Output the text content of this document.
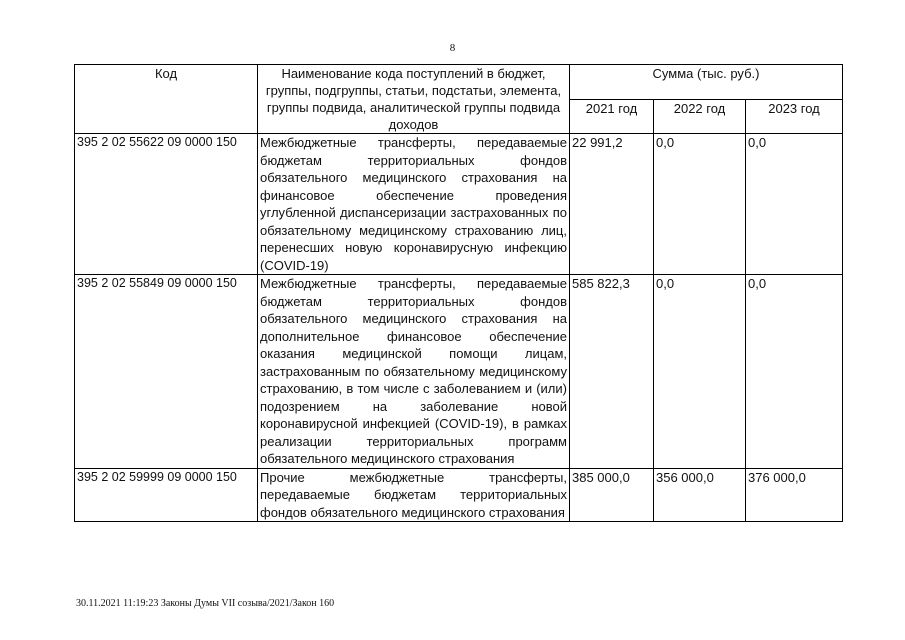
8
Код	Наименование кода поступлений в бюджет, группы, подгруппы, статьи, подстатьи, элемента, группы подвида, аналитической группы подвида доходов	Сумма (тыс. руб.)		
		2021 год	2022 год	2023 год
395 2 02 55622 09 0000 150	Межбюджетные трансферты, передаваемые бюджетам территориальных фондов обязательного медицинского страхования на финансовое обеспечение проведения углубленной диспансеризации застрахованных по обязательному медицинскому страхованию лиц, перенесших новую коронавирусную инфекцию (COVID-19)	22 991,2	0,0	0,0
395 2 02 55849 09 0000 150	Межбюджетные трансферты, передаваемые бюджетам территориальных фондов обязательного медицинского страхования на дополнительное финансовое обеспечение оказания медицинской помощи лицам, застрахованным по обязательному медицинскому страхованию, в том числе с заболеванием и (или) подозрением на заболевание новой коронавирусной инфекцией (COVID-19), в рамках реализации территориальных программ обязательного медицинского страхования	585 822,3	0,0	0,0
395 2 02 59999 09 0000 150	Прочие межбюджетные трансферты, передаваемые бюджетам территориальных фондов обязательного медицинского страхования	385 000,0	356 000,0	376 000,0
30.11.2021 11:19:23 Законы Думы VII созыва/2021/Закон 160
